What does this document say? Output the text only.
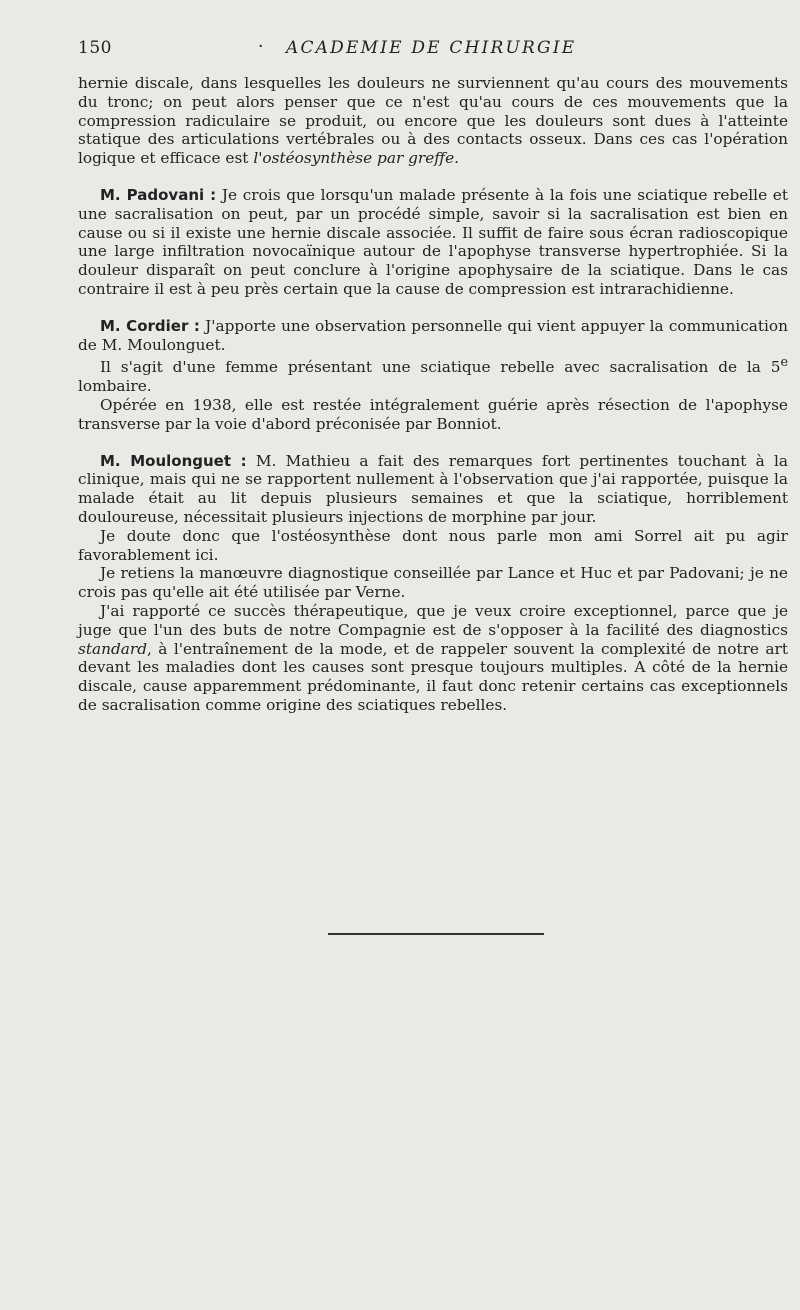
150	· ACADEMIE DE CHIRURGIE

hernie discale, dans lesquelles les douleurs ne surviennent qu'au cours des mouvements du tronc; on peut alors penser que ce n'est qu'au cours de ces mouvements que la compression radiculaire se produit, ou encore que les douleurs sont dues à l'atteinte statique des articulations vertébrales ou à des contacts osseux. Dans ces cas l'opération logique et efficace est l'ostéosynthèse par greffe.

M. Padovani : Je crois que lorsqu'un malade présente à la fois une sciatique rebelle et une sacralisation on peut, par un procédé simple, savoir si la sacralisation est bien en cause ou si il existe une hernie discale associée. Il suffit de faire sous écran radioscopique une large infiltration novocaïnique autour de l'apophyse transverse hypertrophiée. Si la douleur disparaît on peut conclure à l'origine apophysaire de la sciatique. Dans le cas contraire il est à peu près certain que la cause de compression est intrarachidienne.

M. Cordier : J'apporte une observation personnelle qui vient appuyer la communication de M. Moulonguet.

Il s'agit d'une femme présentant une sciatique rebelle avec sacralisation de la 5e lombaire.

Opérée en 1938, elle est restée intégralement guérie après résection de l'apophyse transverse par la voie d'abord préconisée par Bonniot.

M. Moulonguet : M. Mathieu a fait des remarques fort pertinentes touchant à la clinique, mais qui ne se rapportent nullement à l'observation que j'ai rapportée, puisque la malade était au lit depuis plusieurs semaines et que la sciatique, horriblement douloureuse, nécessitait plusieurs injections de morphine par jour.

Je doute donc que l'ostéosynthèse dont nous parle mon ami Sorrel ait pu agir favorablement ici.

Je retiens la manœuvre diagnostique conseillée par Lance et Huc et par Padovani; je ne crois pas qu'elle ait été utilisée par Verne.

J'ai rapporté ce succès thérapeutique, que je veux croire exceptionnel, parce que je juge que l'un des buts de notre Compagnie est de s'opposer à la facilité des diagnostics standard, à l'entraînement de la mode, et de rappeler souvent la complexité de notre art devant les maladies dont les causes sont presque toujours multiples. A côté de la hernie discale, cause apparemment prédominante, il faut donc retenir certains cas exceptionnels de sacralisation comme origine des sciatiques rebelles.
